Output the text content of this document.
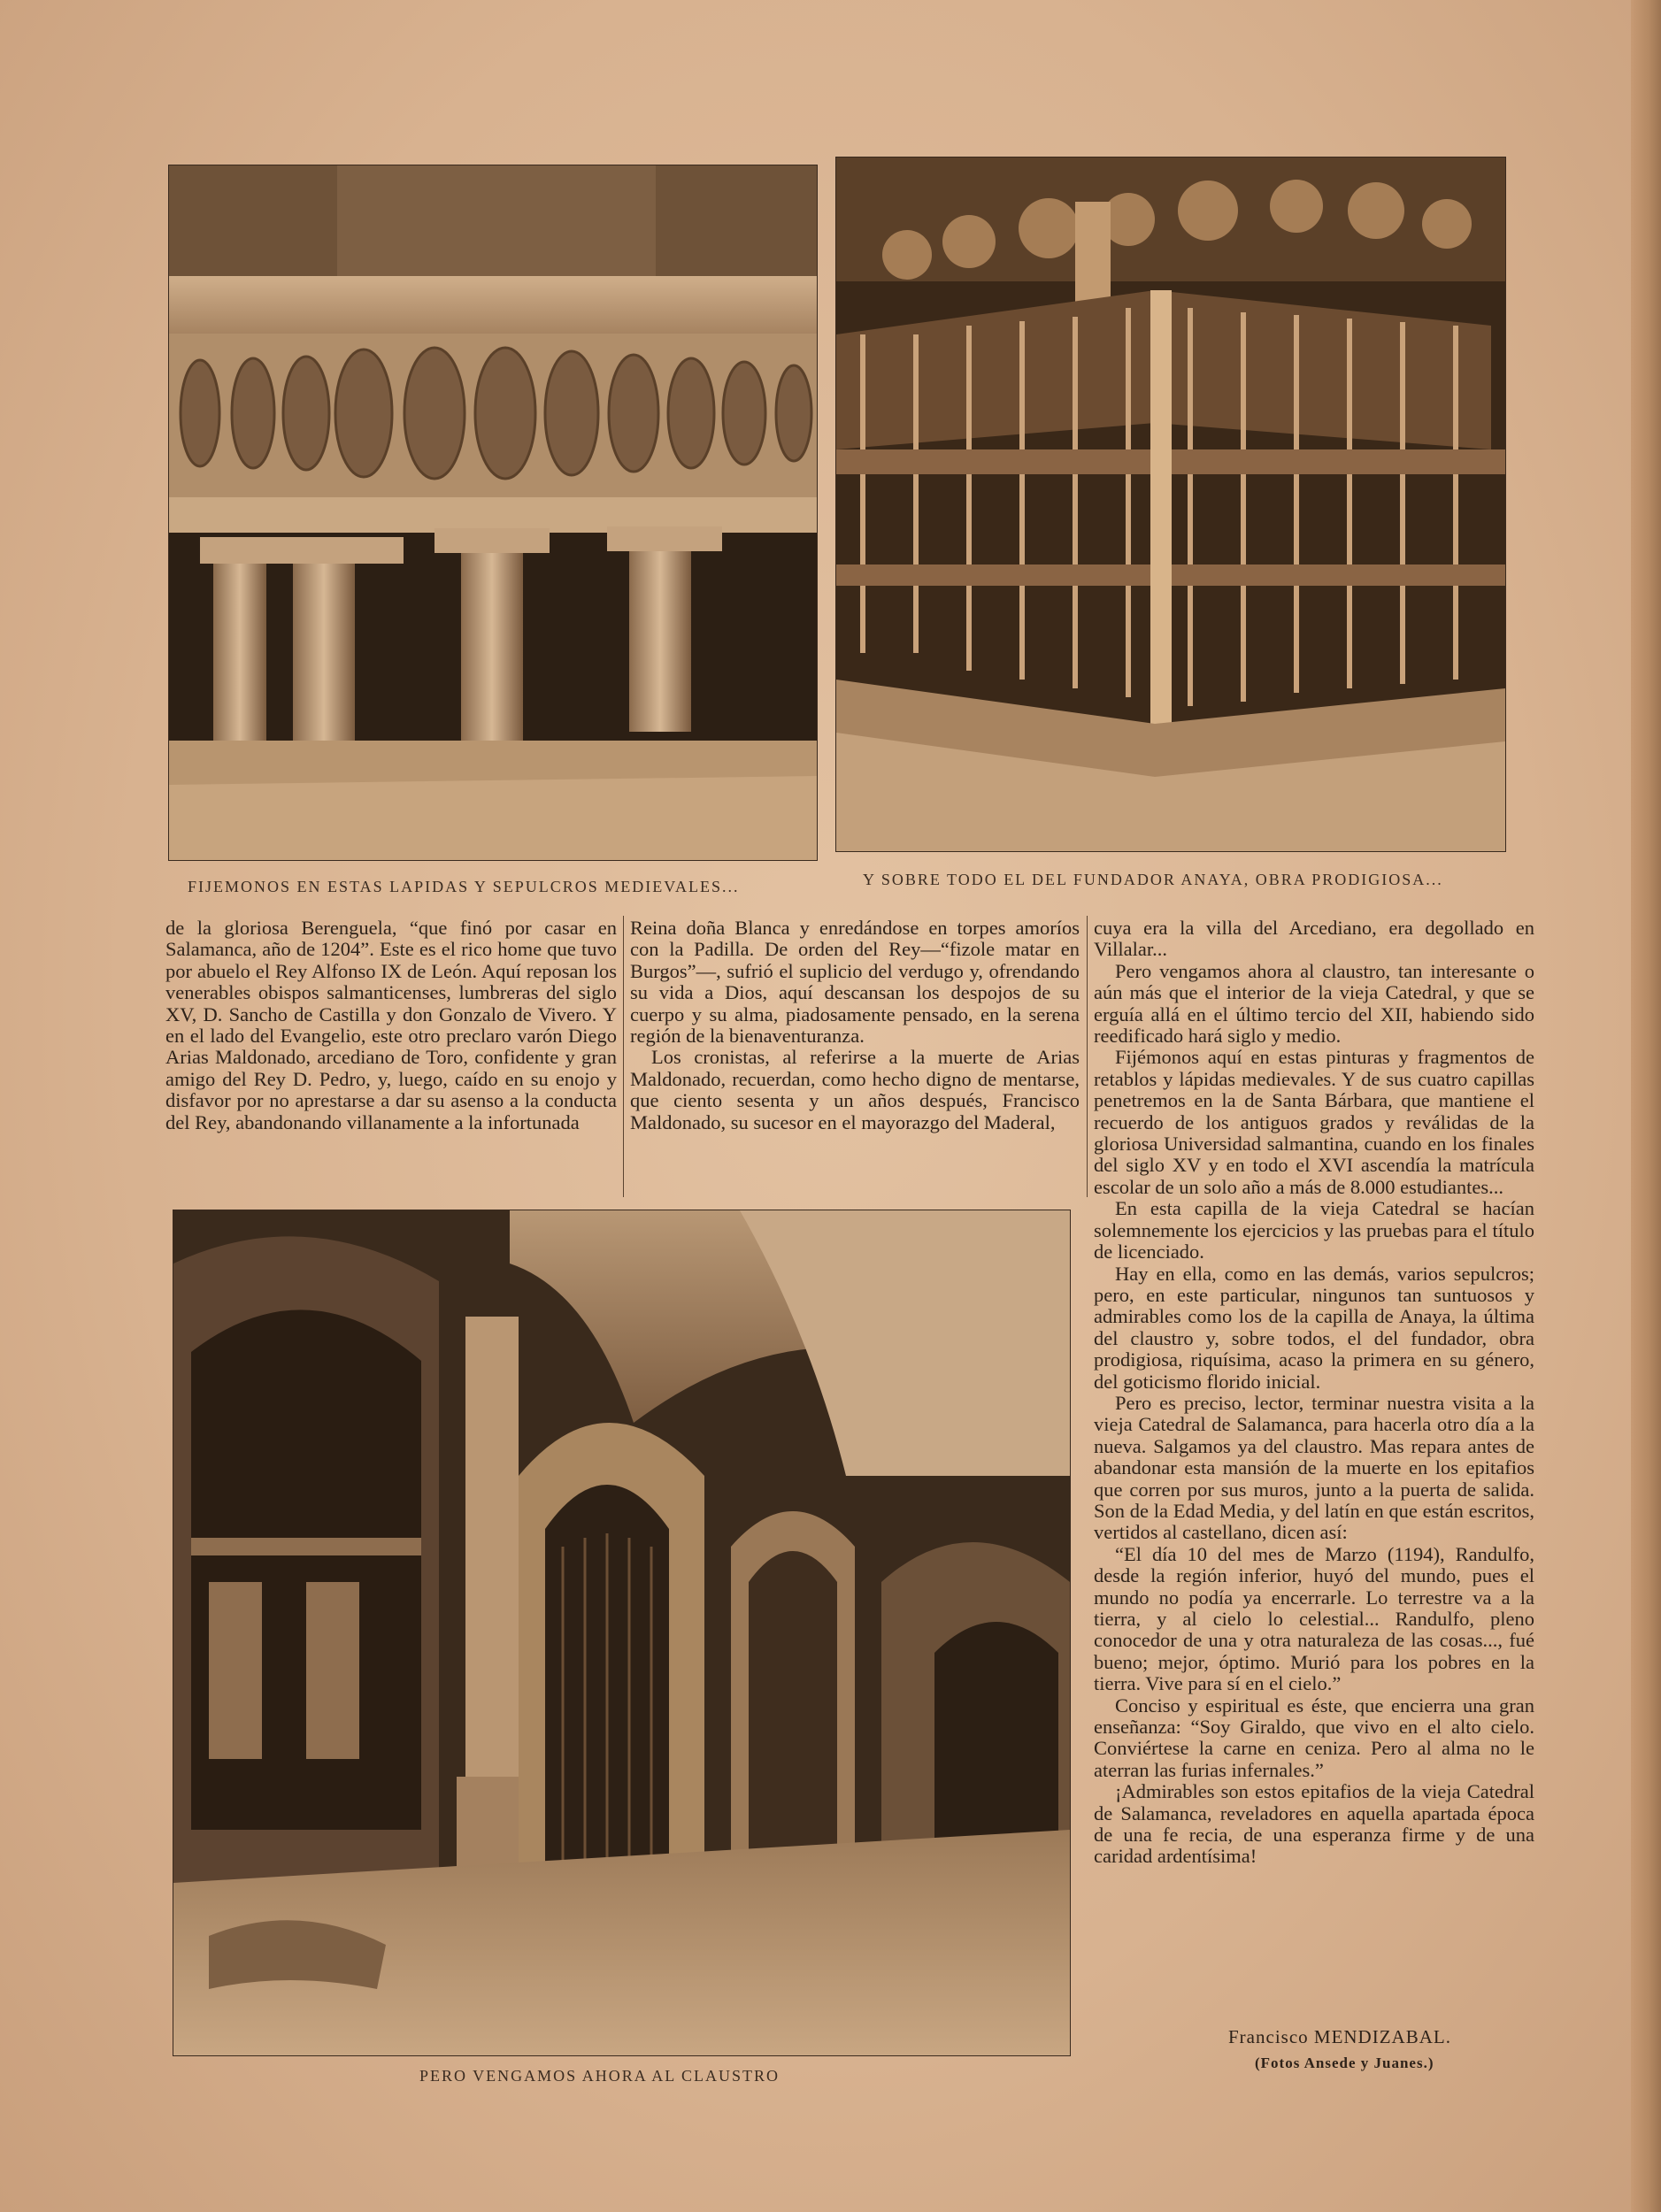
FIJEMONOS EN ESTAS LAPIDAS Y SEPULCROS MEDIEVALES...	Y SOBRE TODO EL DEL FUNDADOR ANAYA, OBRA PRODIGIOSA...

de la gloriosa Berenguela, “que finó por casar en Salamanca, año de 1204”. Este es el rico home que tuvo por abuelo el Rey Alfonso IX de León. Aquí reposan los venerables obispos salmanticenses, lumbreras del siglo XV, D. Sancho de Castilla y don Gonzalo de Vivero. Y en el lado del Evangelio, este otro preclaro varón Diego Arias Maldonado, arcediano de Toro, confidente y gran amigo del Rey D. Pedro, y, luego, caído en su enojo y disfavor por no aprestarse a dar su asenso a la conducta del Rey, abandonando villanamente a la infortunada

Reina doña Blanca y enredándose en torpes amoríos con la Padilla. De orden del Rey—“fizole matar en Burgos”—, sufrió el suplicio del verdugo y, ofrendando su vida a Dios, aquí descansan los despojos de su cuerpo y su alma, piadosamente pensado, en la serena región de la bienaventuranza.

Los cronistas, al referirse a la muerte de Arias Maldonado, recuerdan, como hecho digno de mentarse, que ciento sesenta y un años después, Francisco Maldonado, su sucesor en el mayorazgo del Maderal,

cuya era la villa del Arcediano, era degollado en Villalar...

Pero vengamos ahora al claustro, tan interesante o aún más que el interior de la vieja Catedral, y que se erguía allá en el último tercio del XII, habiendo sido reedificado hará siglo y medio.

Fijémonos aquí en estas pinturas y fragmentos de retablos y lápidas medievales. Y de sus cuatro capillas penetremos en la de Santa Bárbara, que mantiene el recuerdo de los antiguos grados y reválidas de la gloriosa Universidad salmantina, cuando en los finales del siglo XV y en todo el XVI ascendía la matrícula escolar de un solo año a más de 8.000 estudiantes...

En esta capilla de la vieja Catedral se hacían solemnemente los ejercicios y las pruebas para el título de licenciado.

Hay en ella, como en las demás, varios sepulcros; pero, en este particular, ningunos tan suntuosos y admirables como los de la capilla de Anaya, la última del claustro y, sobre todos, el del fundador, obra prodigiosa, riquísima, acaso la primera en su género, del goticismo florido inicial.

Pero es preciso, lector, terminar nuestra visita a la vieja Catedral de Salamanca, para hacerla otro día a la nueva. Salgamos ya del claustro. Mas repara antes de abandonar esta mansión de la muerte en los epitafios que corren por sus muros, junto a la puerta de salida. Son de la Edad Media, y del latín en que están escritos, vertidos al castellano, dicen así:

“El día 10 del mes de Marzo (1194), Randulfo, desde la región inferior, huyó del mundo, pues el mundo no podía ya encerrarle. Lo terrestre va a la tierra, y al cielo lo celestial... Randulfo, pleno conocedor de una y otra naturaleza de las cosas..., fué bueno; mejor, óptimo. Murió para los pobres en la tierra. Vive para sí en el cielo.”

Conciso y espiritual es éste, que encierra una gran enseñanza: “Soy Giraldo, que vivo en el alto cielo. Conviértese la carne en ceniza. Pero al alma no le aterran las furias infernales.”

¡Admirables son estos epitafios de la vieja Catedral de Salamanca, reveladores en aquella apartada época de una fe recia, de una esperanza firme y de una caridad ardentísima!

PERO VENGAMOS AHORA AL CLAUSTRO
Francisco MENDIZABAL.
(Fotos Ansede y Juanes.)
